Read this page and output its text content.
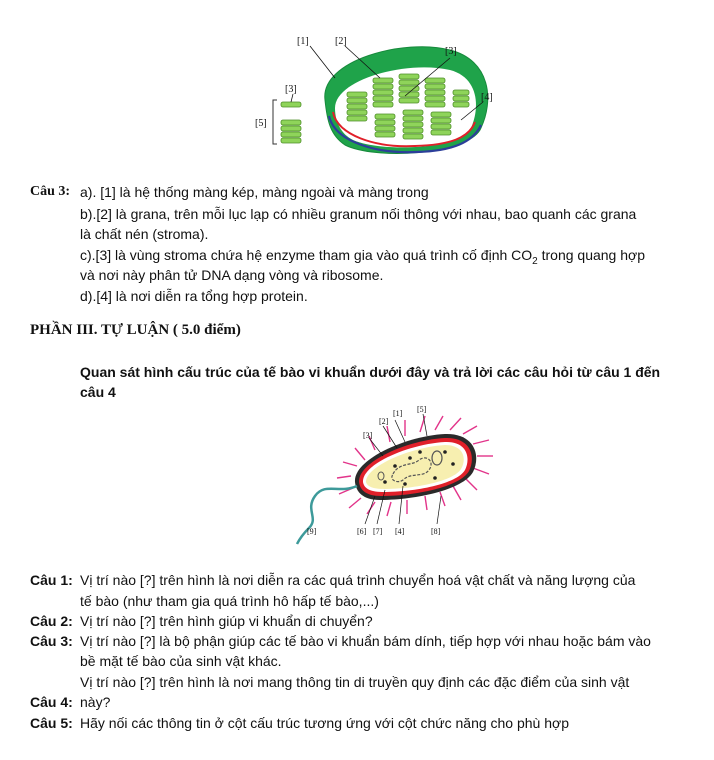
[1]	[2]
[3]
[3]
[4]
[5]
Câu 3: a). [1] là hệ thống màng kép, màng ngoài và màng trong
b).[2] là grana, trên mỗi lục lạp có nhiều granum nối thông với nhau, bao quanh các grana
là chất nén (stroma).
c).[3] là vùng stroma chứa hệ enzyme tham gia vào quá trình cố định $CO_2$ trong quang hợp
và nơi này phân tử DNA dạng vòng và ribosome.
d).[4] là nơi diễn ra tổng hợp protein.
PHẦN III. TỰ LUẬN ( 5.0 điểm)
Quan sát hình cấu trúc của tế bào vi khuẩn dưới đây và trả lời các câu hỏi từ câu 1 đến
câu 4
[1]
[2]
[3]
[5]
[9]	[6] [7] [4]	[8]
Câu 1: Vị trí nào [?] trên hình là nơi diễn ra các quá trình chuyển hoá vật chất và năng lượng của
tế bào (như tham gia quá trình hô hấp tế bào,...)
Câu 2: Vị trí nào [?] trên hình giúp vi khuẩn di chuyển?
Câu 3: Vị trí nào [?] là bộ phận giúp các tế bào vi khuẩn bám dính, tiếp hợp với nhau hoặc bám vào
bề mặt tế bào của sinh vật khác.
Vị trí nào [?] trên hình là nơi mang thông tin di truyền quy định các đặc điểm của sinh vật
Câu 4: này?
Câu 5: Hãy nối các thông tin ở cột cấu trúc tương ứng với cột chức năng cho phù hợp
